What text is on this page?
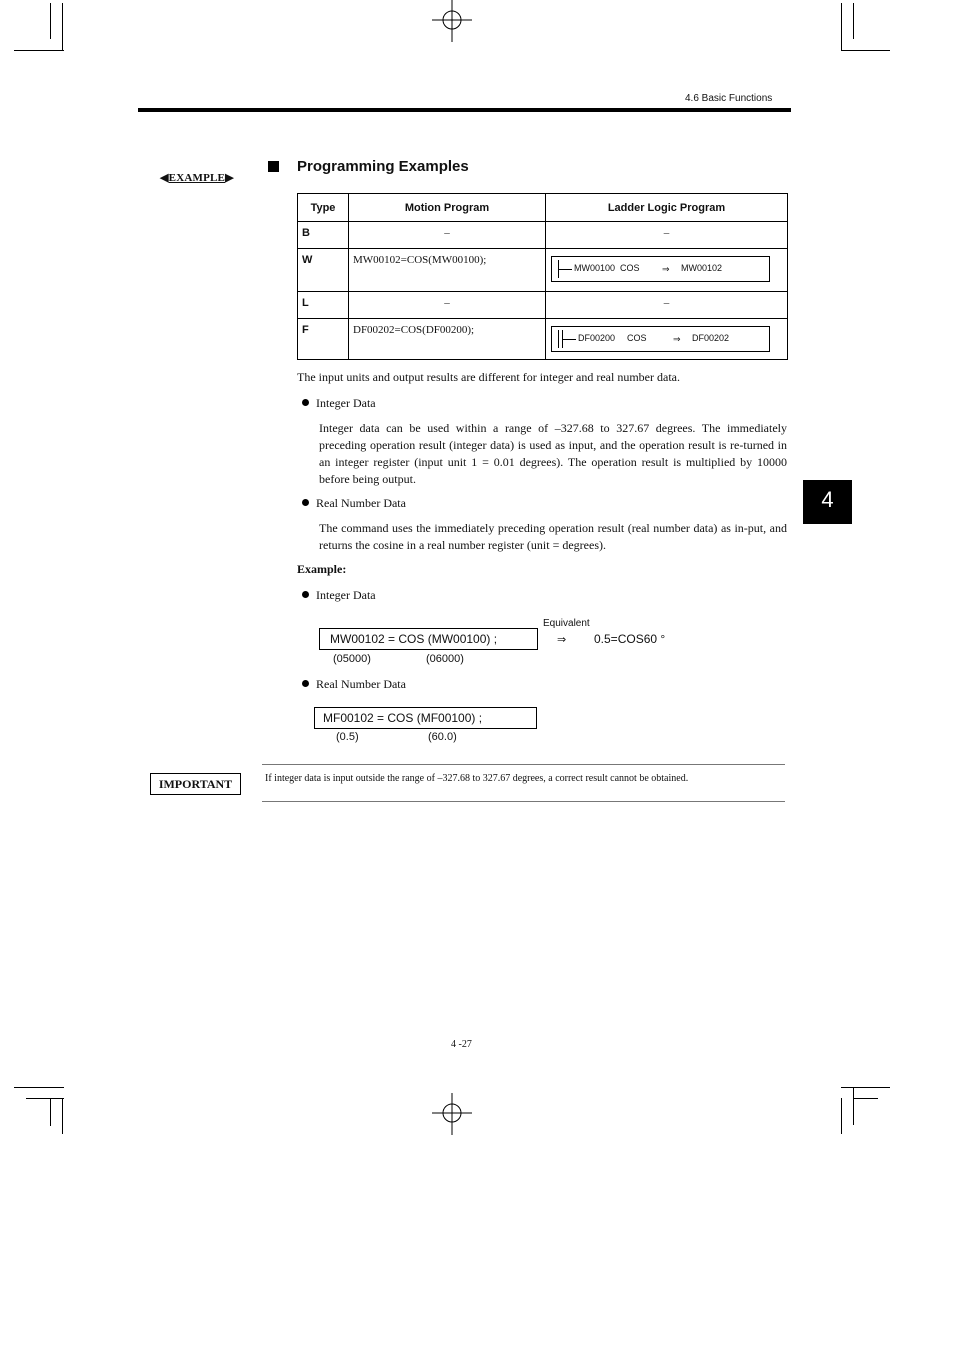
4.6 Basic Functions
◀EXAMPLE▶
Programming Examples
Type	Motion Program	Ladder Logic Program
B	–	–
W	MW00102=COS(MW00100);	MW00100 COS ⇒ MW00102

L	–	–
F	DF00202=COS(DF00200);	DF00200 COS ⇒ DF00202
The input units and output results are different for integer and real number data.
Integer Data
Integer data can be used within a range of –327.68 to 327.67 degrees. The immediately preceding operation result (integer data) is used as input, and the operation result is re-turned in an integer register (input unit 1 = 0.01 degrees). The operation result is multiplied by 10000 before being output.
Real Number Data
The command uses the immediately preceding operation result (real number data) as in-put, and returns the cosine in a real number register (unit = degrees).
Example:
Integer Data
Equivalent
MW00102 = COS (MW00100) ;	⇒ 0.5=COS60 °
(05000)	(06000)
Real Number Data
MF00102 = COS (MF00100) ;
(0.5)	(60.0)
4
IMPORTANT	If integer data is input outside the range of –327.68 to 327.67 degrees, a correct result cannot be obtained.
4 -27
